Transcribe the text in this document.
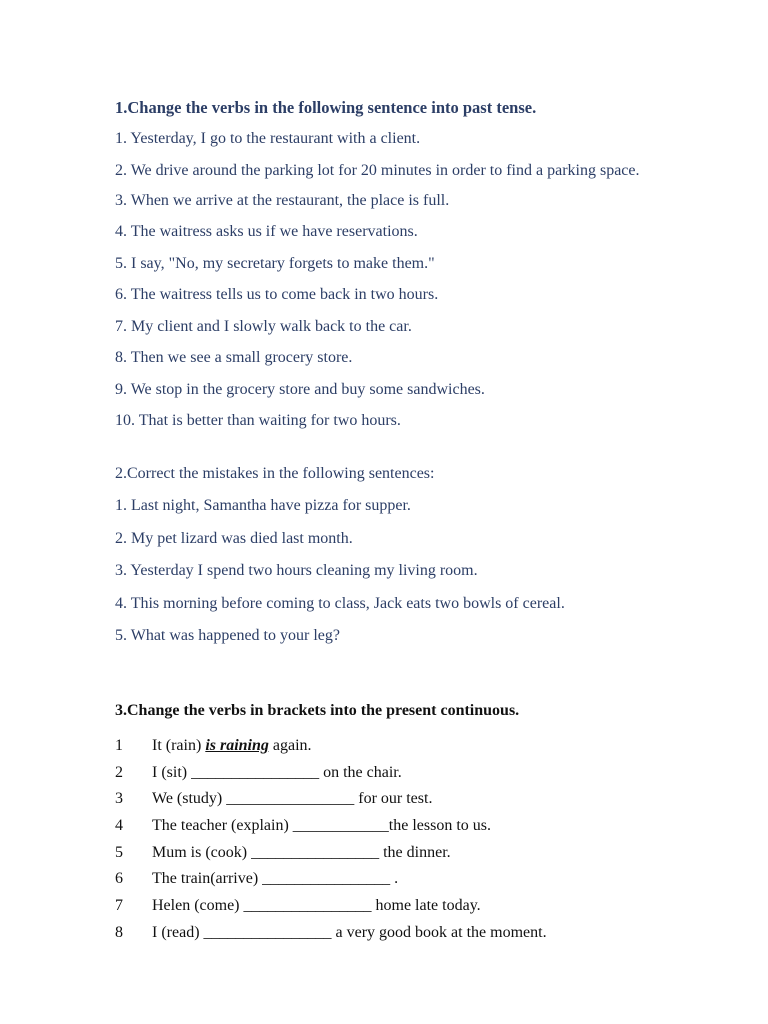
1.Change the verbs in the following sentence into past tense.
1. Yesterday, I go to the restaurant with a client.
2. We drive around the parking lot for 20 minutes in order to find a parking space.
3. When we arrive at the restaurant, the place is full.
4. The waitress asks us if we have reservations.
5. I say, "No, my secretary forgets to make them."
6. The waitress tells us to come back in two hours.
7. My client and I slowly walk back to the car.
8. Then we see a small grocery store.
9. We stop in the grocery store and buy some sandwiches.
10. That is better than waiting for two hours.
2.Correct the mistakes in the following sentences:
1. Last night, Samantha have pizza for supper.
2. My pet lizard was died last month.
3. Yesterday I spend two hours cleaning my living room.
4. This morning before coming to class, Jack eats two bowls of cereal.
5. What was happened to your leg?
3.Change the verbs in brackets into the present continuous.
1	It (rain) is raining again.
2	I (sit) ________________ on the chair.
3	We (study) ________________ for our test.
4	The teacher (explain) ____________the lesson to us.
5	Mum is (cook) ________________ the dinner.
6	The train(arrive) ________________ .
7	Helen (come) ________________ home late today.
8	I (read) ________________ a very good book at the moment.
